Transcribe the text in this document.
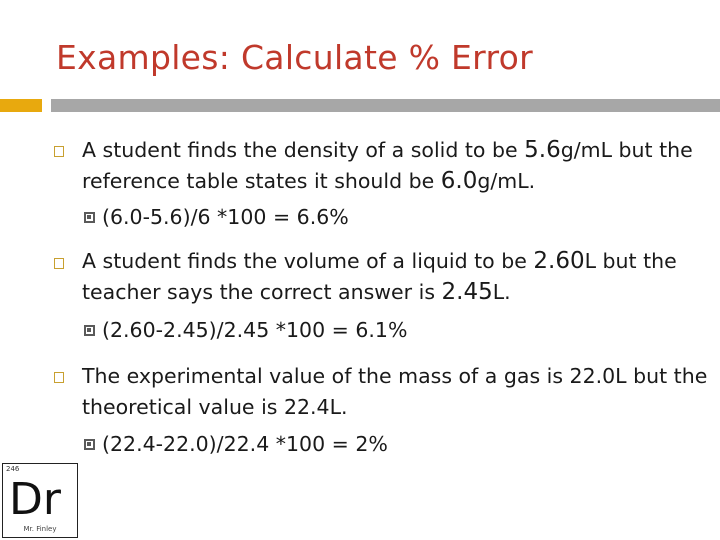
Examples: Calculate % Error
A student finds the density of a solid to be 5.6g/mL but the reference table states it should be 6.0g/mL.
(6.0-5.6)/6 *100 = 6.6%
A student finds the volume of a liquid to be 2.60L but the teacher says the correct answer is 2.45L.
(2.60-2.45)/2.45 *100 = 6.1%
The experimental value of the mass of a gas is 22.0L but the theoretical value is 22.4L.
(22.4-22.0)/22.4 *100 = 2%
246
Dr
Mr. Finley
